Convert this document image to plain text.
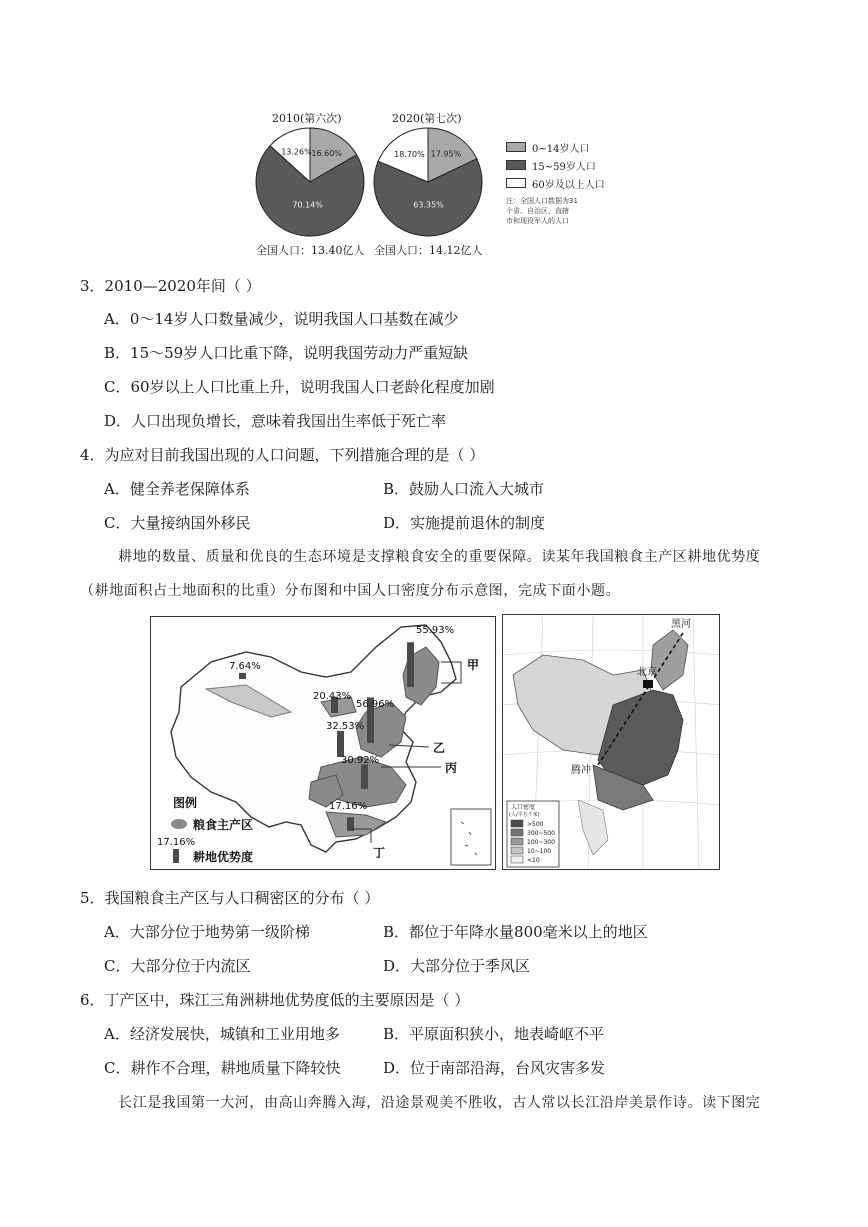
2010(第六次)	2020(第七次)
16.60%
70.14%
13.26%	17.95%
63.35%
18.70%
全国人口：13.40亿人 全国人口：14.12亿人
0~14岁人口
15~59岁人口
60岁及以上人口
注：全国人口数据为31
个省、自治区、直辖
市和现役军人的人口
3．2010—2020年间（ ）
A．0～14岁人口数量减少，说明我国人口基数在减少
B．15～59岁人口比重下降，说明我国劳动力严重短缺
C．60岁以上人口比重上升，说明我国人口老龄化程度加剧
D．人口出现负增长，意味着我国出生率低于死亡率
4．为应对目前我国出现的人口问题，下列措施合理的是（ ）
A．健全养老保障体系	B．鼓励人口流入大城市
C．大量接纳国外移民	D．实施提前退休的制度
耕地的数量、质量和优良的生态环境是支撑粮食安全的重要保障。读某年我国粮食主产区耕地优势度
（耕地面积占土地面积的比重）分布图和中国人口密度分布示意图，完成下面小题。
55.93%
7.64%
20.43%
56.96%
32.53%
30.92%
17.16%
甲
乙
丙
丁
图例
粮食主产区
17.16%
耕地优势度
黑河
北京
腾冲
人口密度
(人/平方千米)
>500
300~500
100~300
10~100
<10
5．我国粮食主产区与人口稠密区的分布（ ）
A．大部分位于地势第一级阶梯	B．都位于年降水量800毫米以上的地区
C．大部分位于内流区	D．大部分位于季风区
6．丁产区中，珠江三角洲耕地优势度低的主要原因是（ ）
A．经济发展快，城镇和工业用地多	B．平原面积狭小，地表崎岖不平
C．耕作不合理，耕地质量下降较快	D．位于南部沿海，台风灾害多发
长江是我国第一大河，由高山奔腾入海，沿途景观美不胜收，古人常以长江沿岸美景作诗。读下图完
